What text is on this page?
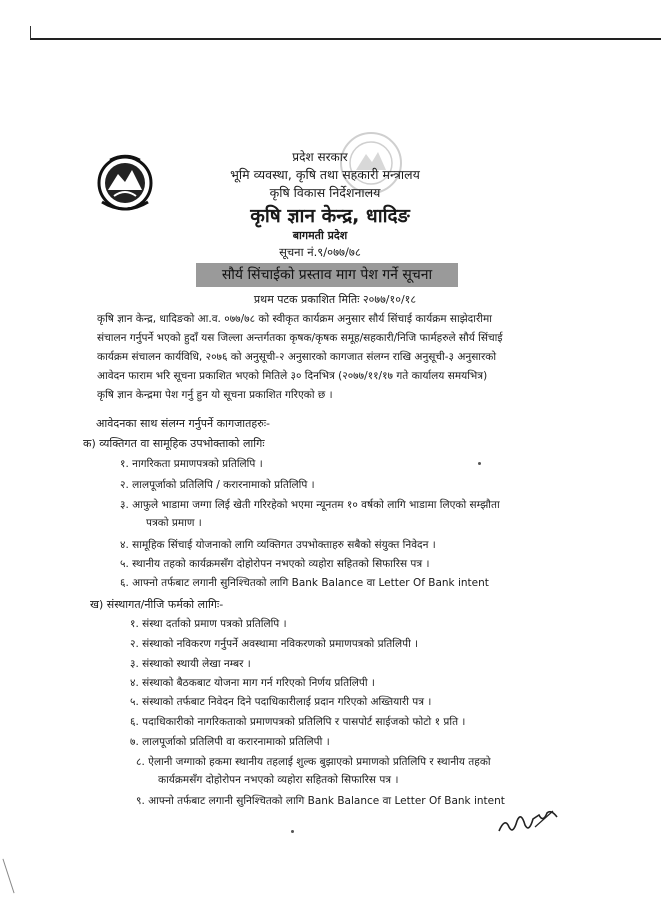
प्रदेश सरकार
भूमि व्यवस्था, कृषि तथा सहकारी मन्त्रालय
कृषि विकास निर्देशनालय
कृषि ज्ञान केन्द्र, धादिङ
बागमती प्रदेश
सूचना नं.९/०७७/७८
सौर्य सिंचाईको प्रस्ताव माग पेश गर्ने सूचना
प्रथम पटक प्रकाशित मितिः २०७७/१०/१८
कृषि ज्ञान केन्द्र, धादिङको आ.व. ०७७/७८ को स्वीकृत कार्यक्रम अनुसार सौर्य सिंचाई कार्यक्रम साझेदारीमा
संचालन गर्नुपर्ने भएको हुदाँ यस जिल्ला अन्तर्गतका कृषक/कृषक समूह/सहकारी/निजि फार्महरुले सौर्य सिंचाई
कार्यक्रम संचालन कार्यविधि, २०७६ को अनुसूची-२ अनुसारको कागजात संलग्न राखि अनुसूची-३ अनुसारको
आवेदन फाराम भरि सूचना प्रकाशित भएको मितिले ३० दिनभित्र (२०७७/११/१७ गते कार्यालय समयभित्र)
कृषि ज्ञान केन्द्रमा पेश गर्नु हुन यो सूचना प्रकाशित गरिएको छ ।
आवेदनका साथ संलग्न गर्नुपर्ने कागजातहरुः-
क) व्यक्तिगत वा सामूहिक उपभोक्ताको लागिः
१. नागरिकता प्रमाणपत्रको प्रतिलिपि ।
२. लालपूर्जाको प्रतिलिपि / करारनामाको प्रतिलिपि ।
३. आफुले भाडामा जग्गा लिई खेती गरिरहेको भएमा न्यूनतम १० वर्षको लागि भाडामा लिएको सम्झौता
पत्रको प्रमाण ।
४. सामूहिक सिंचाई योजनाको लागि व्यक्तिगत उपभोक्ताहरु सबैको संयुक्त निवेदन ।
५. स्थानीय तहको कार्यक्रमसँग दोहोरोपन नभएको व्यहोरा सहितको सिफारिस पत्र ।
६. आफ्नो तर्फबाट लगानी सुनिश्चितको लागि Bank Balance वा Letter Of Bank intent
ख) संस्थागत/नीजि फर्मको लागिः-
१. संस्था दर्ताको प्रमाण पत्रको प्रतिलिपि ।
२. संस्थाको नविकरण गर्नुपर्ने अवस्थामा नविकरणको प्रमाणपत्रको प्रतिलिपी ।
३. संस्थाको स्थायी लेखा नम्बर ।
४. संस्थाको बैठकबाट योजना माग गर्न गरिएको निर्णय प्रतिलिपी ।
५. संस्थाको तर्फबाट निवेदन दिने पदाधिकारीलाई प्रदान गरिएको अख्तियारी पत्र ।
६. पदाधिकारीको नागरिकताको प्रमाणपत्रको प्रतिलिपि र पासपोर्ट साईजको फोटो १ प्रति ।
७. लालपूर्जाको प्रतिलिपी वा करारनामाको प्रतिलिपी ।
८. ऐलानी जग्गाको हकमा स्थानीय तहलाई शुल्क बुझाएको प्रमाणको प्रतिलिपि र स्थानीय तहको
कार्यक्रमसँग दोहोरोपन नभएको व्यहोरा सहितको सिफारिस पत्र ।
९. आफ्नो तर्फबाट लगानी सुनिश्चितको लागि Bank Balance वा Letter Of Bank intent
